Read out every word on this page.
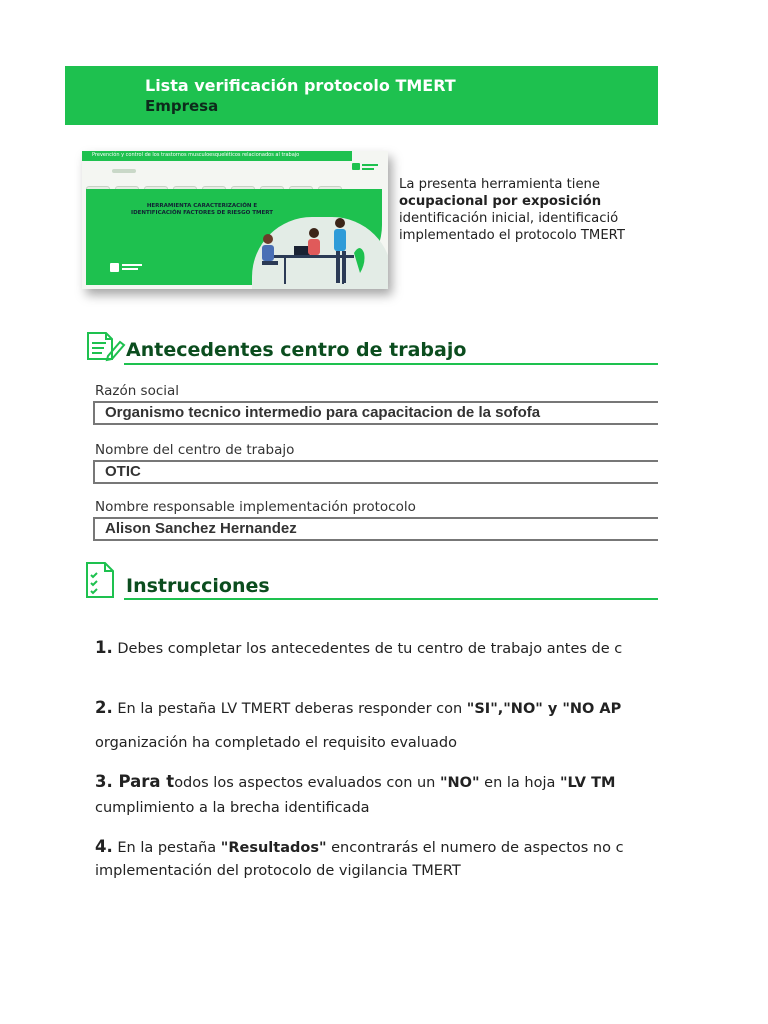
Lista verificación protocolo TMERT
Empresa
Prevención y control de los trastornos musculoesqueléticos relacionados al trabajo
HERRAMIENTA CARACTERIZACIÓN E IDENTIFICACIÓN FACTORES DE RIESGO TMERT
La presenta herramienta tiene
ocupacional por exposición
identificación inicial, identificació
implementado el protocolo TMERT
Antecedentes centro de trabajo
Razón social
Organismo tecnico intermedio para capacitacion de la sofofa
Nombre del centro de trabajo
OTIC
Nombre responsable implementación protocolo
Alison Sanchez Hernandez
Instrucciones
1. Debes completar los antecedentes de tu centro de trabajo antes de c
2. En la pestaña LV TMERT deberas responder con "SI","NO" y "NO AP
organización ha completado el requisito evaluado
3. Para todos los aspectos evaluados con un "NO" en la hoja "LV TM
cumplimiento a la brecha identificada
4. En la pestaña "Resultados" encontrarás el numero de aspectos no c
implementación del protocolo de vigilancia TMERT
